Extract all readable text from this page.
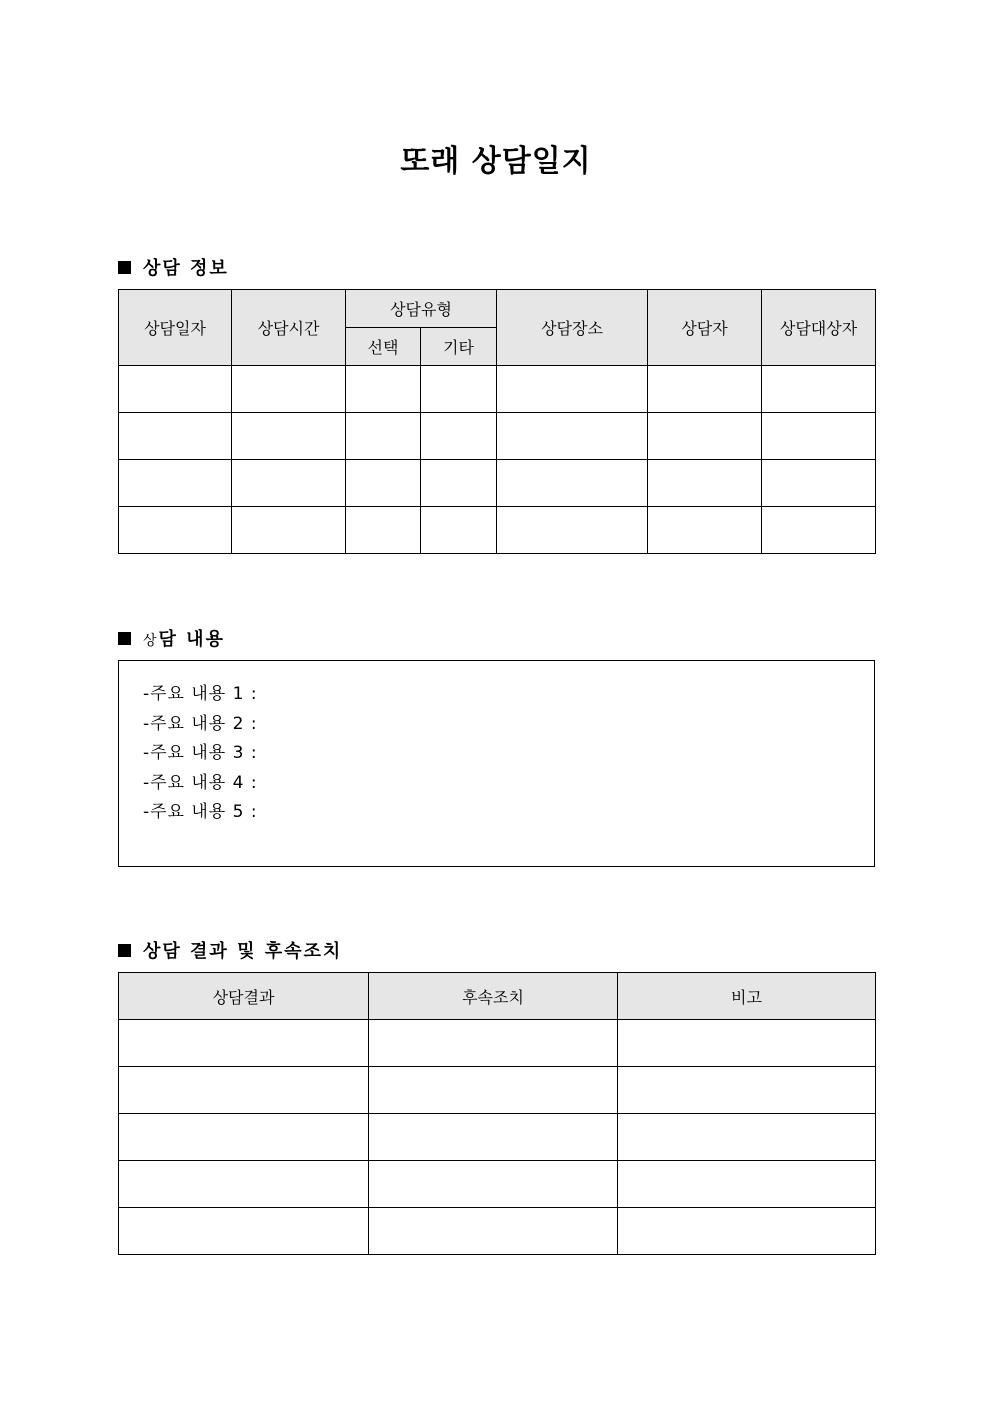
또래 상담일지
상담 정보
상담일자	상담시간	상담유형		상담장소	상담자	상담대상자
		선택	기타			

상담 내용
-주요 내용 1 :
-주요 내용 2 :
-주요 내용 3 :
-주요 내용 4 :
-주요 내용 5 :
상담 결과 및 후속조치
상담결과	후속조치	비고
